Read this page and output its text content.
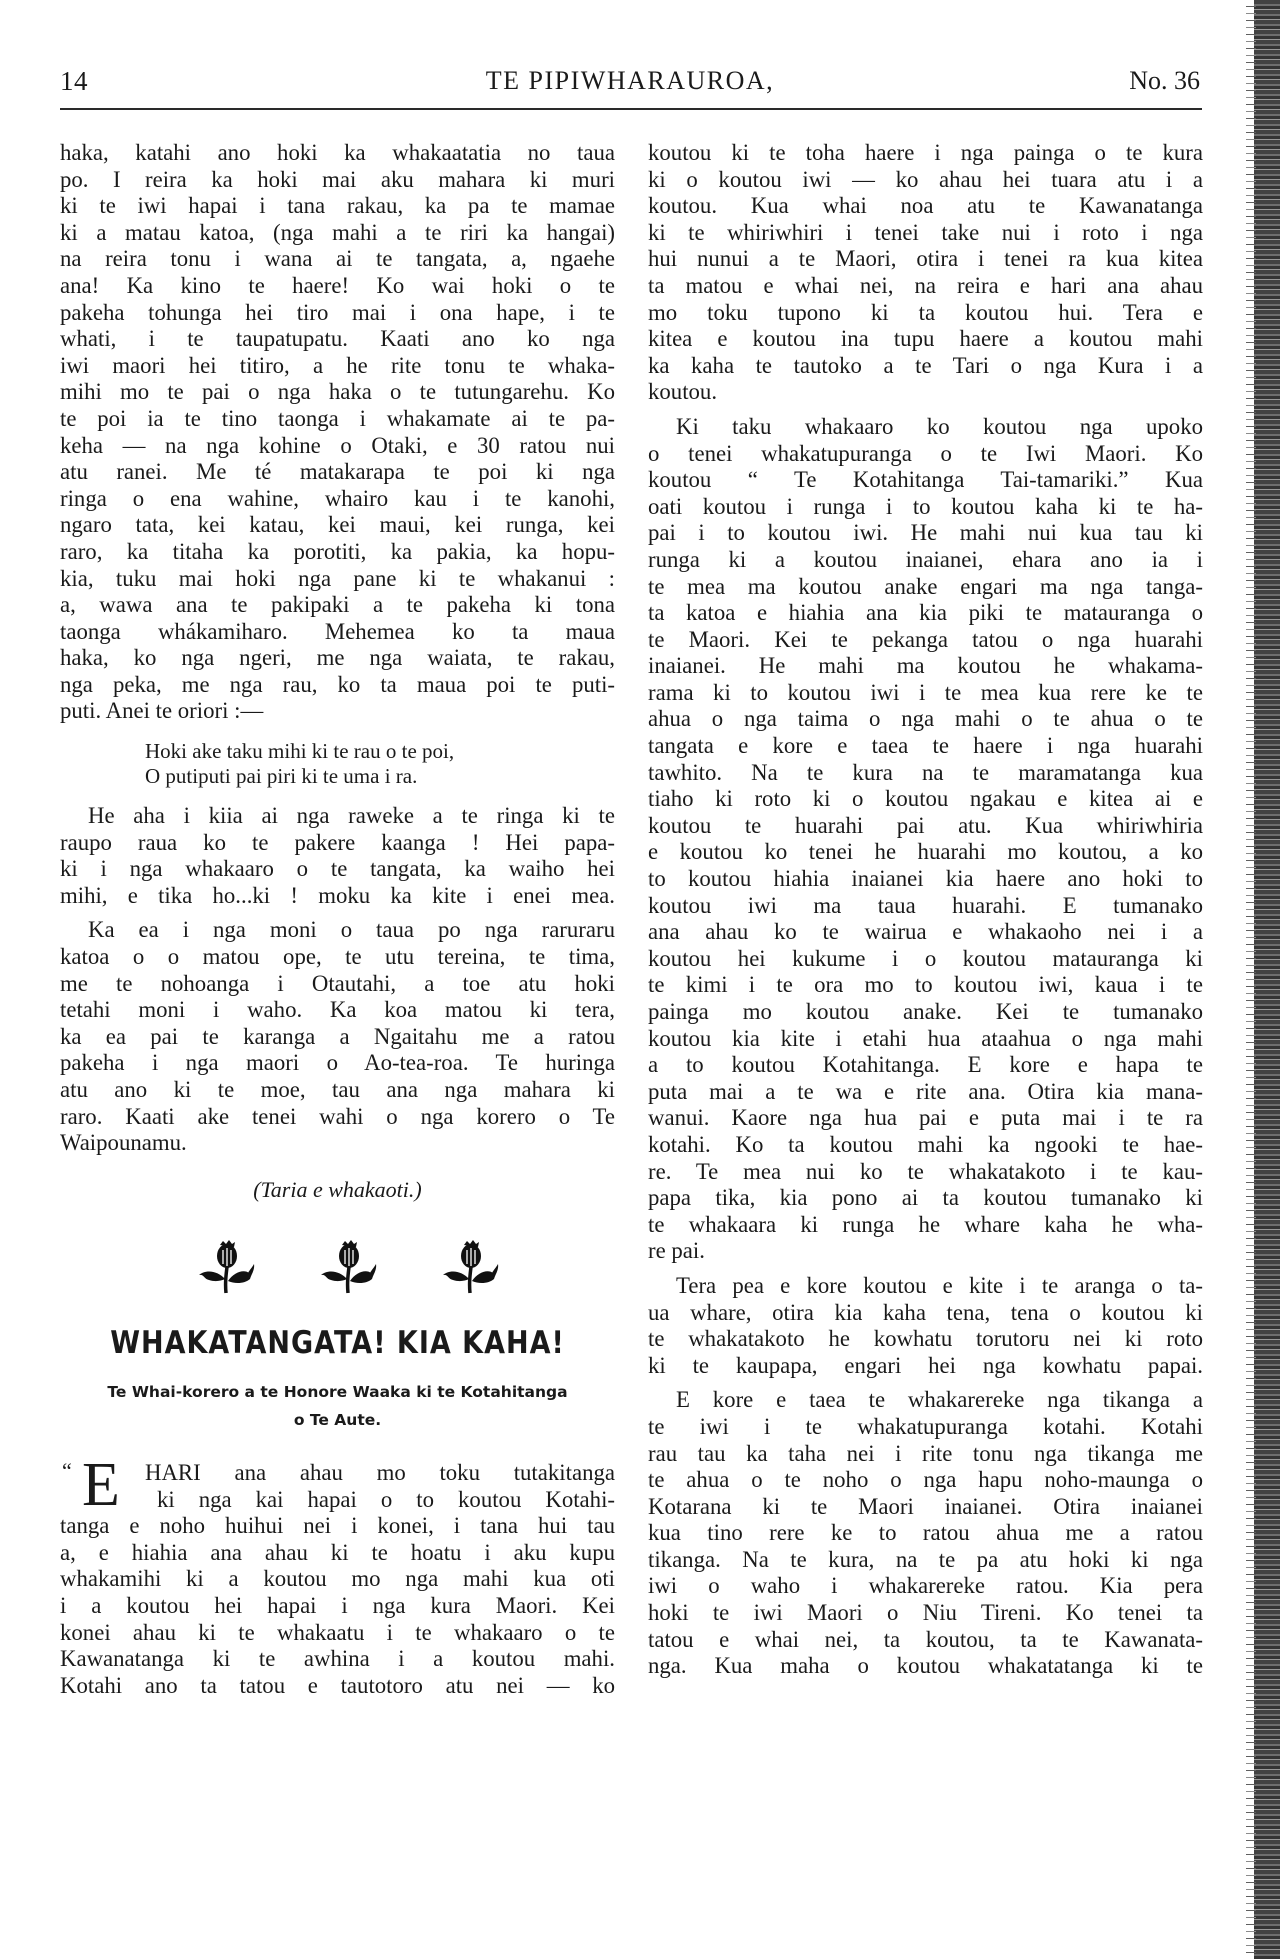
14	TE PIPIWHARAUROA,	No. 36
haka, katahi ano hoki ka whakaatatia no taua
po. I reira ka hoki mai aku mahara ki muri
ki te iwi hapai i tana rakau, ka pa te mamae
ki a matau katoa, (nga mahi a te riri ka hangai)
na reira tonu i wana ai te tangata, a, ngaehe
ana! Ka kino te haere! Ko wai hoki o te
pakeha tohunga hei tiro mai i ona hape, i te
whati, i te taupatupatu. Kaati ano ko nga
iwi maori hei titiro, a he rite tonu te whaka-
mihi mo te pai o nga haka o te tutungarehu. Ko
te poi ia te tino taonga i whakamate ai te pa-
keha — na nga kohine o Otaki, e 30 ratou nui
atu ranei. Me té matakarapa te poi ki nga
ringa o ena wahine, whairo kau i te kanohi,
ngaro tata, kei katau, kei maui, kei runga, kei
raro, ka titaha ka porotiti, ka pakia, ka hopu-
kia, tuku mai hoki nga pane ki te whakanui :
a, wawa ana te pakipaki a te pakeha ki tona
taonga whákamiharo. Mehemea ko ta maua
haka, ko nga ngeri, me nga waiata, te rakau,
nga peka, me nga rau, ko ta maua poi te puti-
puti. Anei te oriori :—
Hoki ake taku mihi ki te rau o te poi,
O putiputi pai piri ki te uma i ra.
He aha i kiia ai nga raweke a te ringa ki te
raupo raua ko te pakere kaanga ! Hei papa-
ki i nga whakaaro o te tangata, ka waiho hei
mihi, e tika ho...ki ! moku ka kite i enei mea.
Ka ea i nga moni o taua po nga raruraru
katoa o o matou ope, te utu tereina, te tima,
me te nohoanga i Otautahi, a toe atu hoki
tetahi moni i waho. Ka koa matou ki tera,
ka ea pai te karanga a Ngaitahu me a ratou
pakeha i nga maori o Ao-tea-roa. Te huringa
atu ano ki te moe, tau ana nga mahara ki
raro. Kaati ake tenei wahi o nga korero o Te
Waipounamu.
(Taria e whakaoti.)
WHAKATANGATA! KIA KAHA!
Te Whai-korero a te Honore Waaka ki te Kotahitanga
o Te Aute.
“ E	HARI ana ahau mo toku tutakitanga
ki nga kai hapai o to koutou Kotahi-
tanga e noho huihui nei i konei, i tana hui tau
a, e hiahia ana ahau ki te hoatu i aku kupu
whakamihi ki a koutou mo nga mahi kua oti
i a koutou hei hapai i nga kura Maori. Kei
konei ahau ki te whakaatu i te whakaaro o te
Kawanatanga ki te awhina i a koutou mahi.
Kotahi ano ta tatou e tautotoro atu nei — ko
koutou ki te toha haere i nga painga o te kura
ki o koutou iwi — ko ahau hei tuara atu i a
koutou. Kua whai noa atu te Kawanatanga
ki te whiriwhiri i tenei take nui i roto i nga
hui nunui a te Maori, otira i tenei ra kua kitea
ta matou e whai nei, na reira e hari ana ahau
mo toku tupono ki ta koutou hui. Tera e
kitea e koutou ina tupu haere a koutou mahi
ka kaha te tautoko a te Tari o nga Kura i a
koutou.
Ki taku whakaaro ko koutou nga upoko
o tenei whakatupuranga o te Iwi Maori. Ko
koutou “ Te Kotahitanga Tai-tamariki.” Kua
oati koutou i runga i to koutou kaha ki te ha-
pai i to koutou iwi. He mahi nui kua tau ki
runga ki a koutou inaianei, ehara ano ia i
te mea ma koutou anake engari ma nga tanga-
ta katoa e hiahia ana kia piki te matauranga o
te Maori. Kei te pekanga tatou o nga huarahi
inaianei. He mahi ma koutou he whakama-
rama ki to koutou iwi i te mea kua rere ke te
ahua o nga taima o nga mahi o te ahua o te
tangata e kore e taea te haere i nga huarahi
tawhito. Na te kura na te maramatanga kua
tiaho ki roto ki o koutou ngakau e kitea ai e
koutou te huarahi pai atu. Kua whiriwhiria
e koutou ko tenei he huarahi mo koutou, a ko
to koutou hiahia inaianei kia haere ano hoki to
koutou iwi ma taua huarahi. E tumanako
ana ahau ko te wairua e whakaoho nei i a
koutou hei kukume i o koutou matauranga ki
te kimi i te ora mo to koutou iwi, kaua i te
painga mo koutou anake. Kei te tumanako
koutou kia kite i etahi hua ataahua o nga mahi
a to koutou Kotahitanga. E kore e hapa te
puta mai a te wa e rite ana. Otira kia mana-
wanui. Kaore nga hua pai e puta mai i te ra
kotahi. Ko ta koutou mahi ka ngooki te hae-
re. Te mea nui ko te whakatakoto i te kau-
papa tika, kia pono ai ta koutou tumanako ki
te whakaara ki runga he whare kaha he wha-
re pai.
Tera pea e kore koutou e kite i te aranga o ta-
ua whare, otira kia kaha tena, tena o koutou ki
te whakatakoto he kowhatu torutoru nei ki roto
ki te kaupapa, engari hei nga kowhatu papai.
E kore e taea te whakarereke nga tikanga a
te iwi i te whakatupuranga kotahi. Kotahi
rau tau ka taha nei i rite tonu nga tikanga me
te ahua o te noho o nga hapu noho-maunga o
Kotarana ki te Maori inaianei. Otira inaianei
kua tino rere ke to ratou ahua me a ratou
tikanga. Na te kura, na te pa atu hoki ki nga
iwi o waho i whakarereke ratou. Kia pera
hoki te iwi Maori o Niu Tireni. Ko tenei ta
tatou e whai nei, ta koutou, ta te Kawanata-
nga. Kua maha o koutou whakatatanga ki te
